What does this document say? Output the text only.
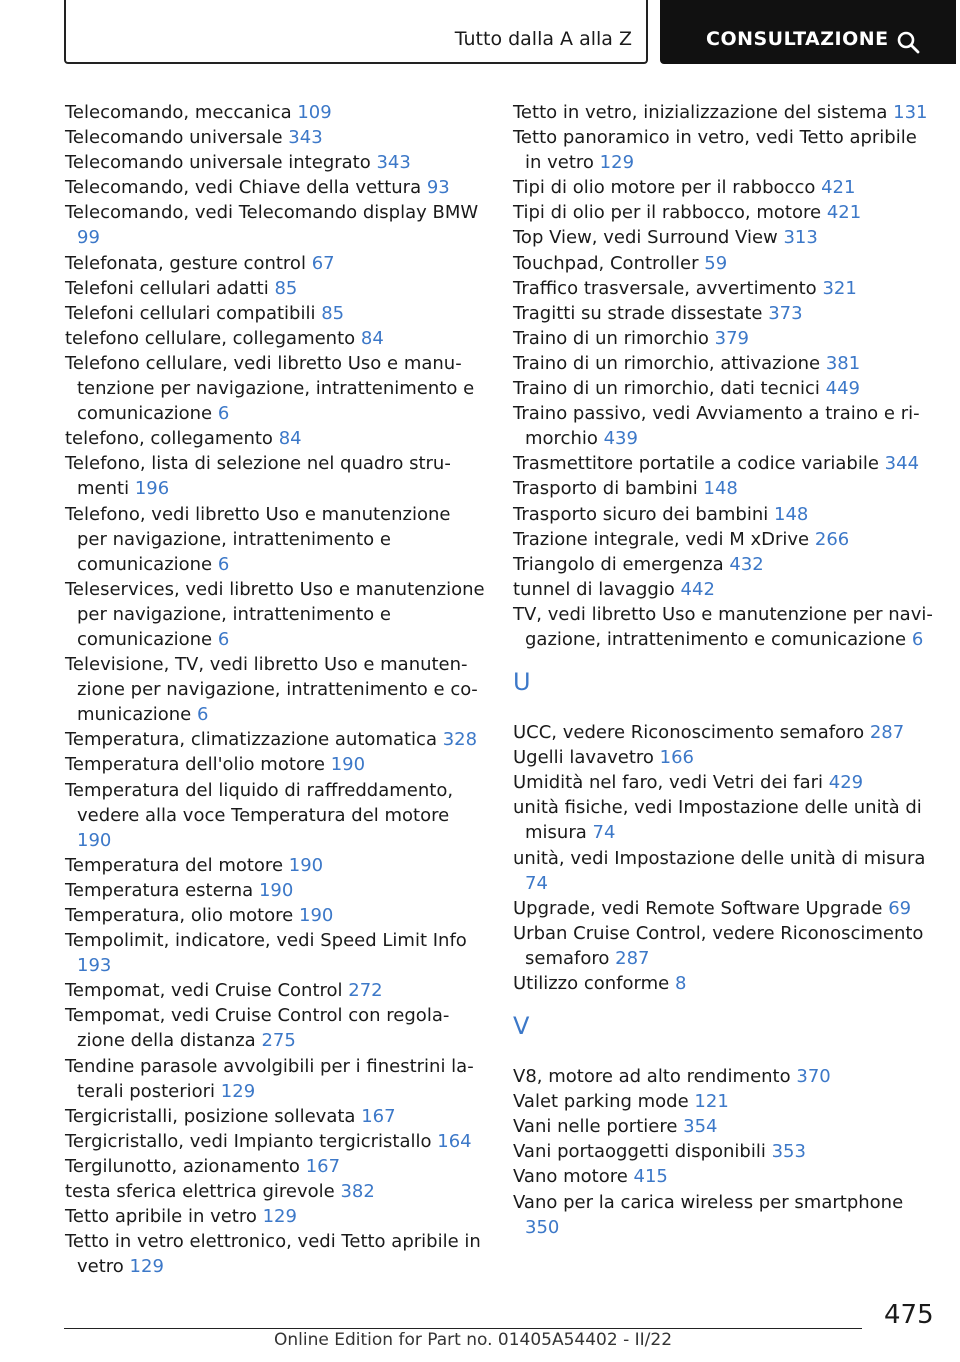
Tutto dalla A alla Z	CONSULTAZIONE
Telecomando, meccanica 109
Telecomando universale 343
Telecomando universale integrato 343
Telecomando, vedi Chiave della vettura 93
Telecomando, vedi Telecomando display BMW 99
Telefonata, gesture control 67
Telefoni cellulari adatti 85
Telefoni cellulari compatibili 85
telefono cellulare, collegamento 84
Telefono cellulare, vedi libretto Uso e manutenzione per navigazione, intrattenimento e comunicazione 6
telefono, collegamento 84
Telefono, lista di selezione nel quadro strumenti 196
Telefono, vedi libretto Uso e manutenzione per navigazione, intrattenimento e comunicazione 6
Teleservices, vedi libretto Uso e manutenzione per navigazione, intrattenimento e comunicazione 6
Televisione, TV, vedi libretto Uso e manutenzione per navigazione, intrattenimento e comunicazione 6
Temperatura, climatizzazione automatica 328
Temperatura dell'olio motore 190
Temperatura del liquido di raffreddamento, vedere alla voce Temperatura del motore 190
Temperatura del motore 190
Temperatura esterna 190
Temperatura, olio motore 190
Tempolimit, indicatore, vedi Speed Limit Info 193
Tempomat, vedi Cruise Control 272
Tempomat, vedi Cruise Control con regolazione della distanza 275
Tendine parasole avvolgibili per i finestrini laterali posteriori 129
Tergicristalli, posizione sollevata 167
Tergicristallo, vedi Impianto tergicristallo 164
Tergilunotto, azionamento 167
testa sferica elettrica girevole 382
Tetto apribile in vetro 129
Tetto in vetro elettronico, vedi Tetto apribile in vetro 129
Tetto in vetro, inizializzazione del sistema 131
Tetto panoramico in vetro, vedi Tetto apribile in vetro 129
Tipi di olio motore per il rabbocco 421
Tipi di olio per il rabbocco, motore 421
Top View, vedi Surround View 313
Touchpad, Controller 59
Traffico trasversale, avvertimento 321
Tragitti su strade dissestate 373
Traino di un rimorchio 379
Traino di un rimorchio, attivazione 381
Traino di un rimorchio, dati tecnici 449
Traino passivo, vedi Avviamento a traino e rimorchio 439
Trasmettitore portatile a codice variabile 344
Trasporto di bambini 148
Trasporto sicuro dei bambini 148
Trazione integrale, vedi M xDrive 266
Triangolo di emergenza 432
tunnel di lavaggio 442
TV, vedi libretto Uso e manutenzione per navigazione, intrattenimento e comunicazione 6
U
UCC, vedere Riconoscimento semaforo 287
Ugelli lavavetro 166
Umidità nel faro, vedi Vetri dei fari 429
unità fisiche, vedi Impostazione delle unità di misura 74
unità, vedi Impostazione delle unità di misura 74
Upgrade, vedi Remote Software Upgrade 69
Urban Cruise Control, vedere Riconoscimento semaforo 287
Utilizzo conforme 8
V
V8, motore ad alto rendimento 370
Valet parking mode 121
Vani nelle portiere 354
Vani portaoggetti disponibili 353
Vano motore 415
Vano per la carica wireless per smartphone 350
475
Online Edition for Part no. 01405A54402 - II/22
